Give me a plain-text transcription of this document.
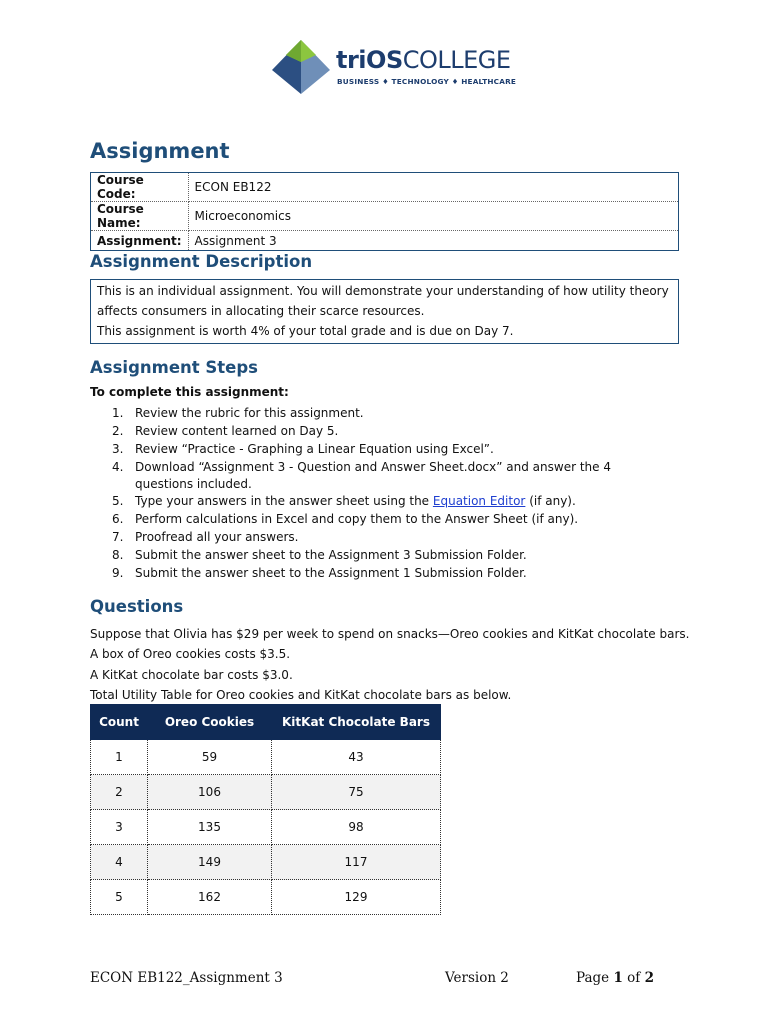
triOSCOLLEGE
BUSINESS ♦ TECHNOLOGY ♦ HEALTHCARE
Assignment
Course Code:	ECON EB122
Course Name:	Microeconomics
Assignment:	Assignment 3
Assignment Description
This is an individual assignment. You will demonstrate your understanding of how utility theory affects consumers in allocating their scarce resources.
This assignment is worth 4% of your total grade and is due on Day 7.
Assignment Steps
To complete this assignment:
1. Review the rubric for this assignment.
2. Review content learned on Day 5.
3. Review “Practice - Graphing a Linear Equation using Excel”.
4. Download “Assignment 3 - Question and Answer Sheet.docx” and answer the 4 questions included.
5. Type your answers in the answer sheet using the Equation Editor (if any).
6. Perform calculations in Excel and copy them to the Answer Sheet (if any).
7. Proofread all your answers.
8. Submit the answer sheet to the Assignment 3 Submission Folder.
9. Submit the answer sheet to the Assignment 1 Submission Folder.
Questions
Suppose that Olivia has $29 per week to spend on snacks—Oreo cookies and KitKat chocolate bars.
A box of Oreo cookies costs $3.5.
A KitKat chocolate bar costs $3.0.
Total Utility Table for Oreo cookies and KitKat chocolate bars as below.
Count	Oreo Cookies	KitKat Chocolate Bars
1	59	43
2	106	75
3	135	98
4	149	117
5	162	129
ECON EB122_Assignment 3	Version 2	Page 1 of 2
